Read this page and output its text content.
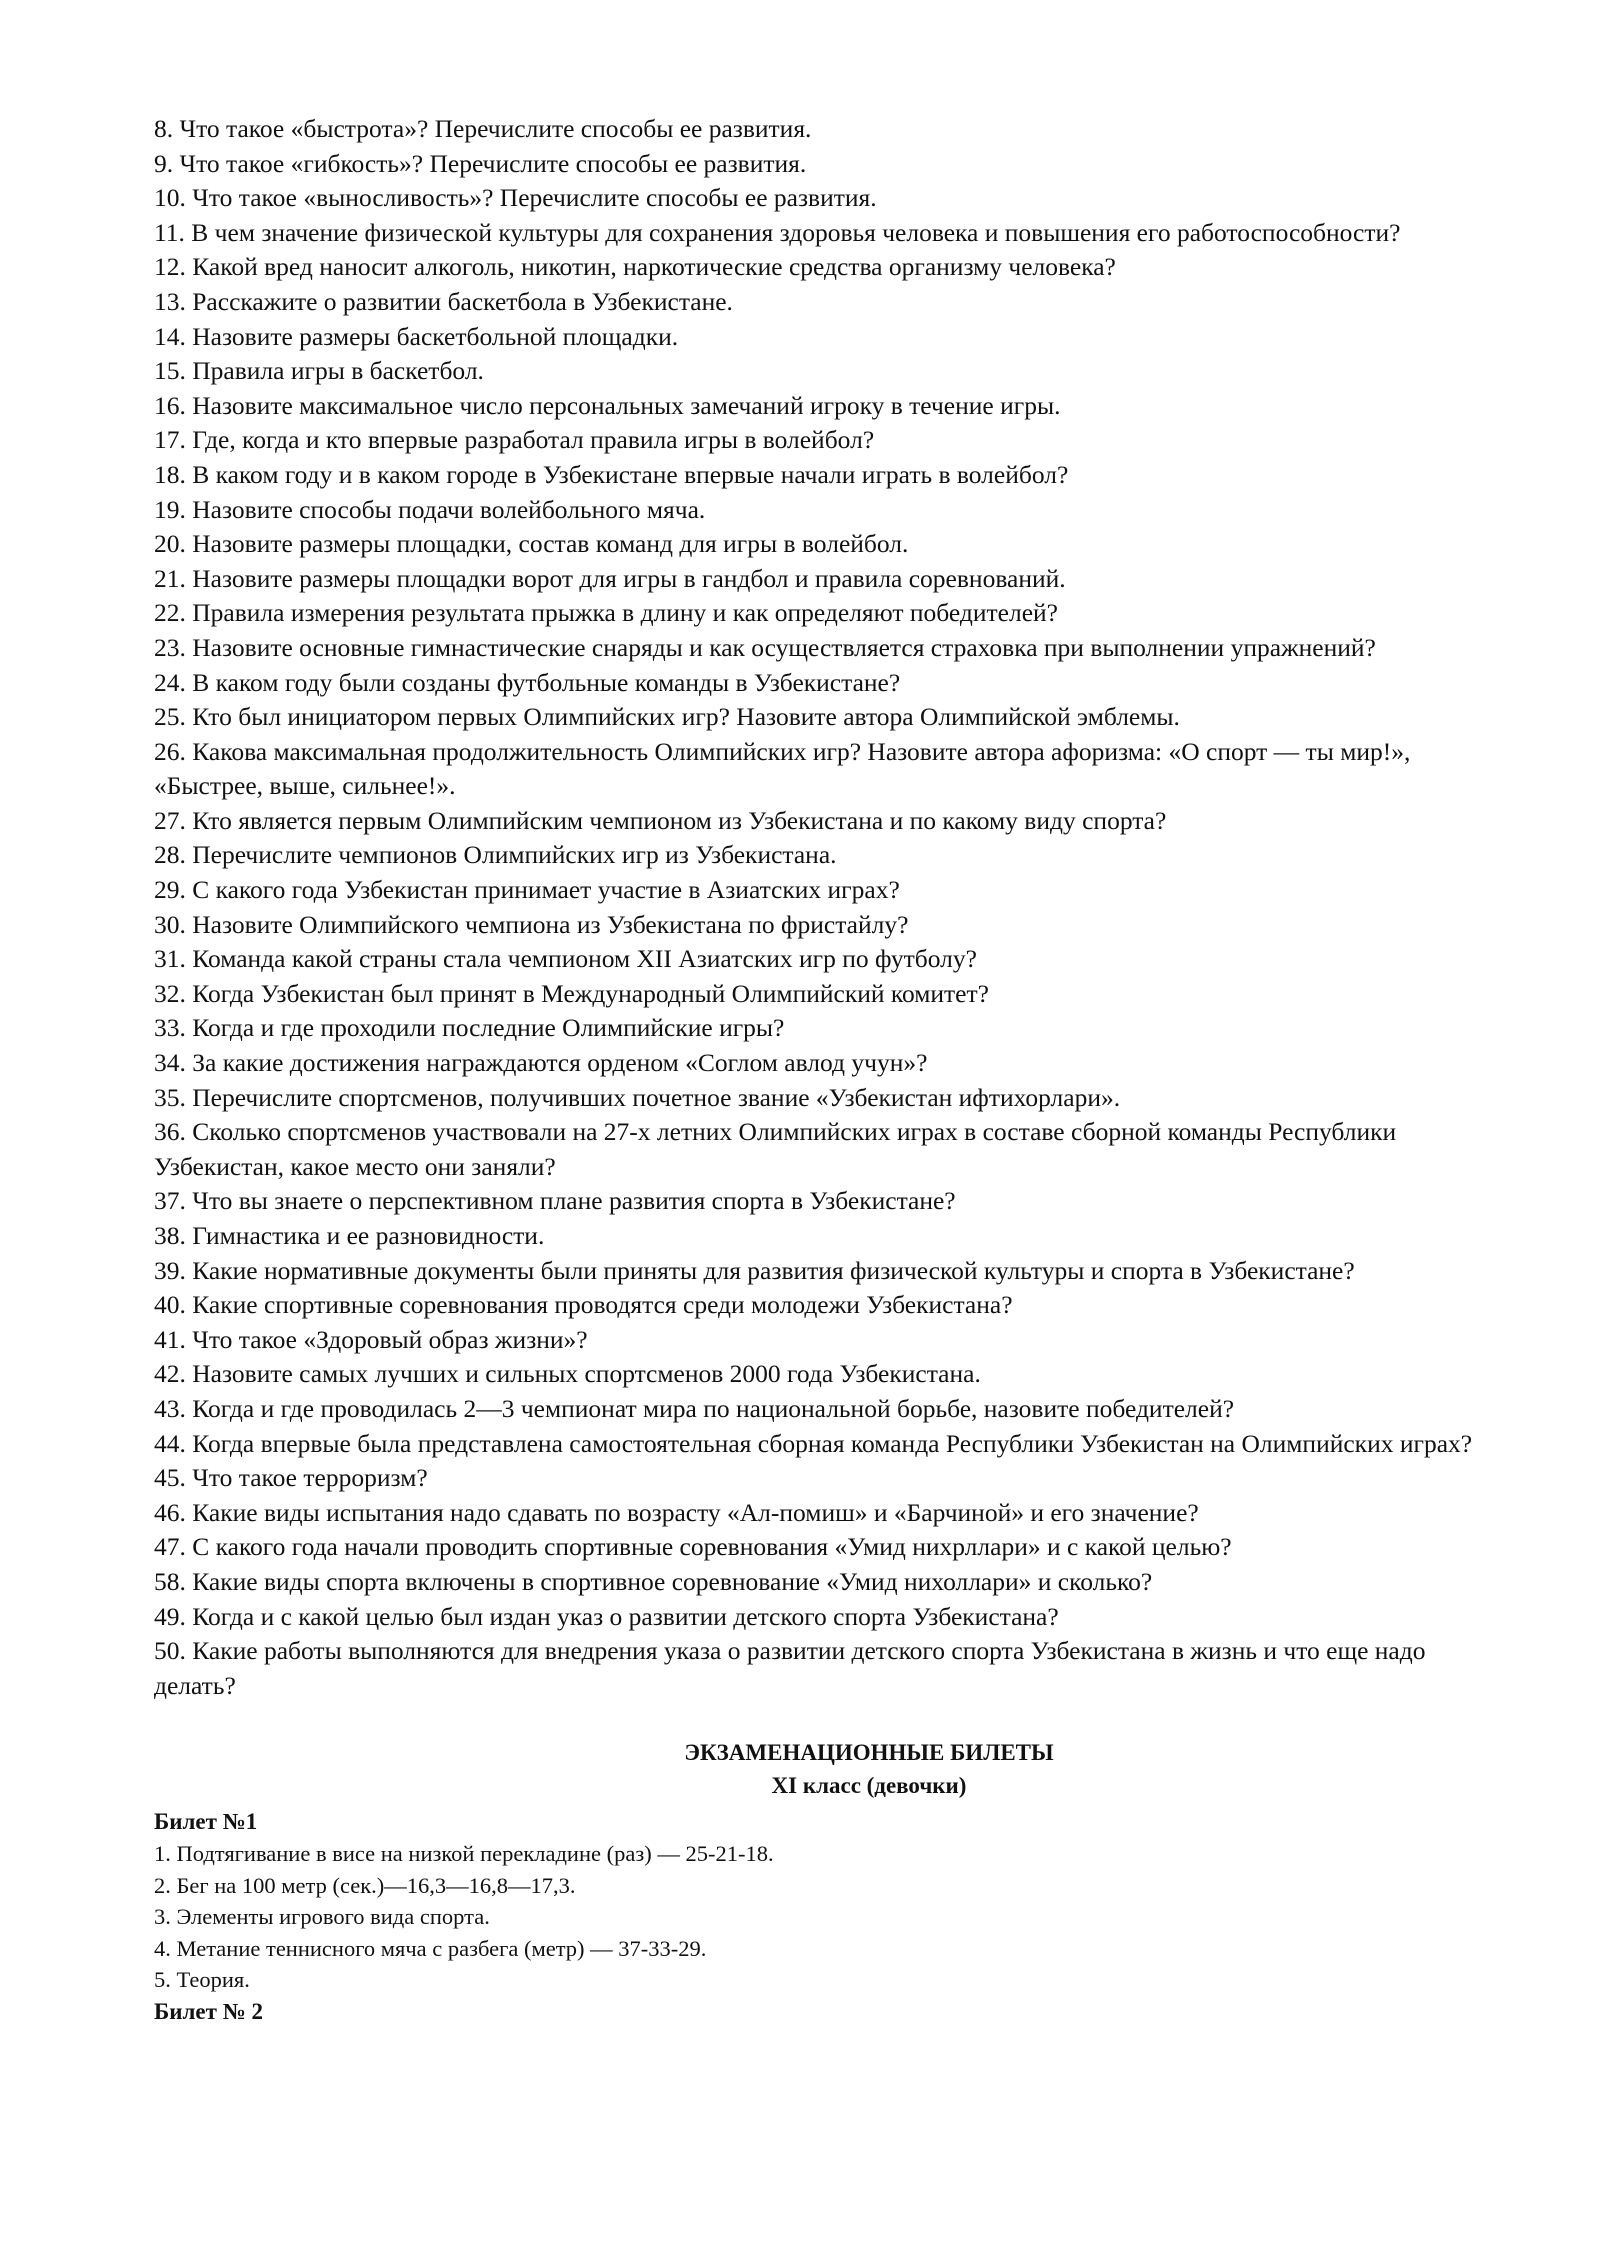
8. Что такое «быстрота»? Перечислите способы ее развития.

9. Что такое «гибкость»? Перечислите способы ее развития.

10. Что такое «выносливость»? Перечислите способы ее развития.

11. В чем значение физической культуры для сохранения здоровья человека и повышения его работоспособности?

12. Какой вред наносит алкоголь, никотин, наркотические средства организму человека?

13. Расскажите о развитии баскетбола в Узбекистане.

14. Назовите размеры баскетбольной площадки.

15. Правила игры в баскетбол.

16. Назовите максимальное число персональных замечаний игроку в течение игры.

17. Где, когда и кто впервые разработал правила игры в волейбол?

18. В каком году и в каком городе в Узбекистане впервые начали играть в волейбол?

19. Назовите способы подачи волейбольного мяча.

20. Назовите размеры площадки, состав команд для игры в волейбол.

21. Назовите размеры площадки ворот для игры в гандбол и правила соревнований.

22. Правила измерения результата прыжка в длину и как определяют победителей?

23. Назовите основные гимнастические снаряды и как осуществляется страховка при выполнении упражнений?

24. В каком году были созданы футбольные команды в Узбекистане?

25. Кто был инициатором первых Олимпийских игр? Назовите автора Олимпийской эмблемы.

26. Какова максимальная продолжительность Олимпийских игр? Назовите автора афоризма: «О спорт — ты мир!», «Быстрее, выше, сильнее!».

27. Кто является первым Олимпийским чемпионом из Узбекистана и по какому виду спорта?

28. Перечислите чемпионов Олимпийских игр из Узбекистана.

29. С какого года Узбекистан принимает участие в Азиатских играх?

30. Назовите Олимпийского чемпиона из Узбекистана по фристайлу?

31. Команда какой страны стала чемпионом XII Азиатских игр по футболу?

32. Когда Узбекистан был принят в Международный Олимпийский комитет?

33. Когда и где проходили последние Олимпийские игры?

34. За какие достижения награждаются орденом «Соглом авлод учун»?

35. Перечислите спортсменов, получивших почетное звание «Узбекистан ифтихорлари».

36. Сколько спортсменов участвовали на 27-х летних Олимпийских играх в составе сборной команды Республики Узбекистан, какое место они заняли?

37. Что вы знаете о перспективном плане развития спорта в Узбекистане?

38. Гимнастика и ее разновидности.

39. Какие нормативные документы были приняты для развития физической культуры и спорта в Узбекистане?

40. Какие спортивные соревнования проводятся среди молодежи Узбекистана?

41. Что такое «Здоровый образ жизни»?

42. Назовите самых лучших и сильных спортсменов 2000 года Узбекистана.

43. Когда и где проводилась 2—3 чемпионат мира по национальной борьбе, назовите победителей?

44. Когда впервые была представлена самостоятельная сборная команда Республики Узбекистан на Олимпийских играх?

45. Что такое терроризм?

46. Какие виды испытания надо сдавать по возрасту «Ал-помиш» и «Барчиной» и его значение?

47. С какого года начали проводить спортивные соревнования «Умид нихрллари» и с какой целью?

58. Какие виды спорта включены в спортивное соревнование «Умид нихоллари» и сколько?

49. Когда и с какой целью был издан указ о развитии детского спорта Узбекистана?

50. Какие работы выполняются для внедрения указа о развитии детского спорта Узбекистана в жизнь и что еще надо делать?

ЭКЗАМЕНАЦИОННЫЕ БИЛЕТЫ

XI класс (девочки)

Билет №1

1. Подтягивание в висе на низкой перекладине (раз) — 25-21-18.

2. Бег на 100 метр (сек.)—16,3—16,8—17,3.

3. Элементы игрового вида спорта.

4. Метание теннисного мяча с разбега (метр) — 37-33-29.

5. Теория.

Билет № 2
